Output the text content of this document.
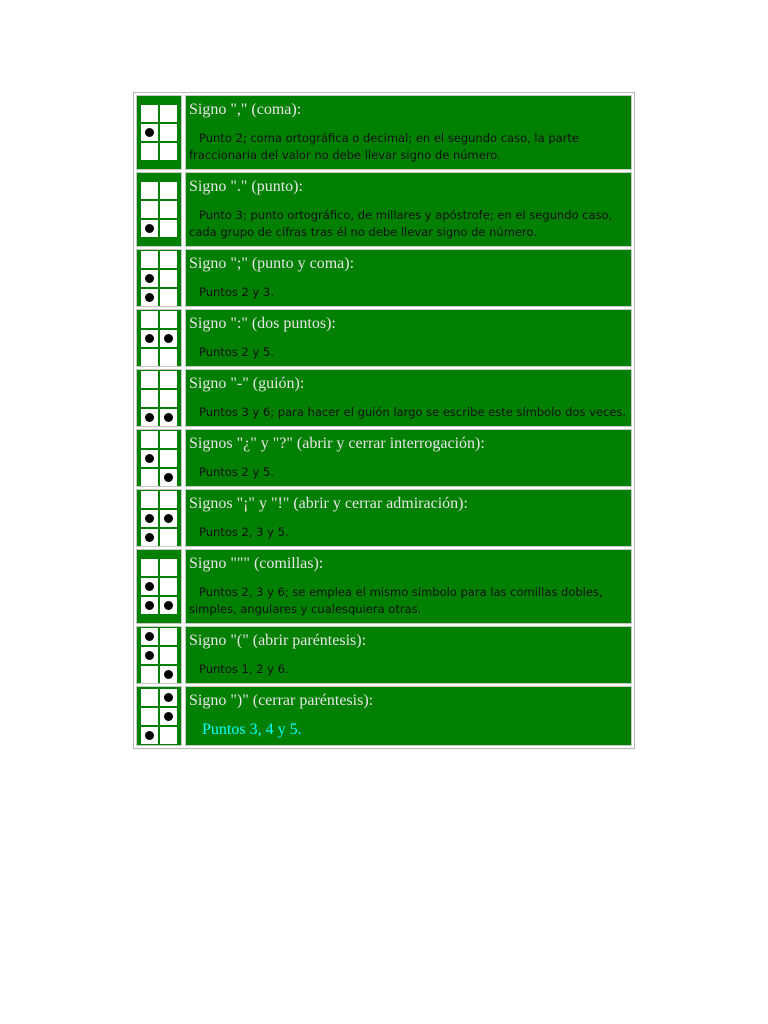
Signo "," (coma):
Punto 2; coma ortográfica o decimal; en el segundo caso, la parte fraccionaria del valor no debe llevar signo de número.
Signo "." (punto):
Punto 3; punto ortográfico, de millares y apóstrofe; en el segundo caso, cada grupo de cifras tras él no debe llevar signo de número.
Signo ";" (punto y coma):
Puntos 2 y 3.
Signo ":" (dos puntos):
Puntos 2 y 5.
Signo "-" (guión):
Puntos 3 y 6; para hacer el guión largo se escribe este símbolo dos veces.
Signos "¿" y "?" (abrir y cerrar interrogación):
Puntos 2 y 5.
Signos "¡" y "!" (abrir y cerrar admiración):
Puntos 2, 3 y 5.
Signo """ (comillas):
Puntos 2, 3 y 6; se emplea el mismo símbolo para las comillas dobles, simples, angulares y cualesquiera otras.
Signo "(" (abrir paréntesis):
Puntos 1, 2 y 6.
Signo ")" (cerrar paréntesis):
Puntos 3, 4 y 5.
